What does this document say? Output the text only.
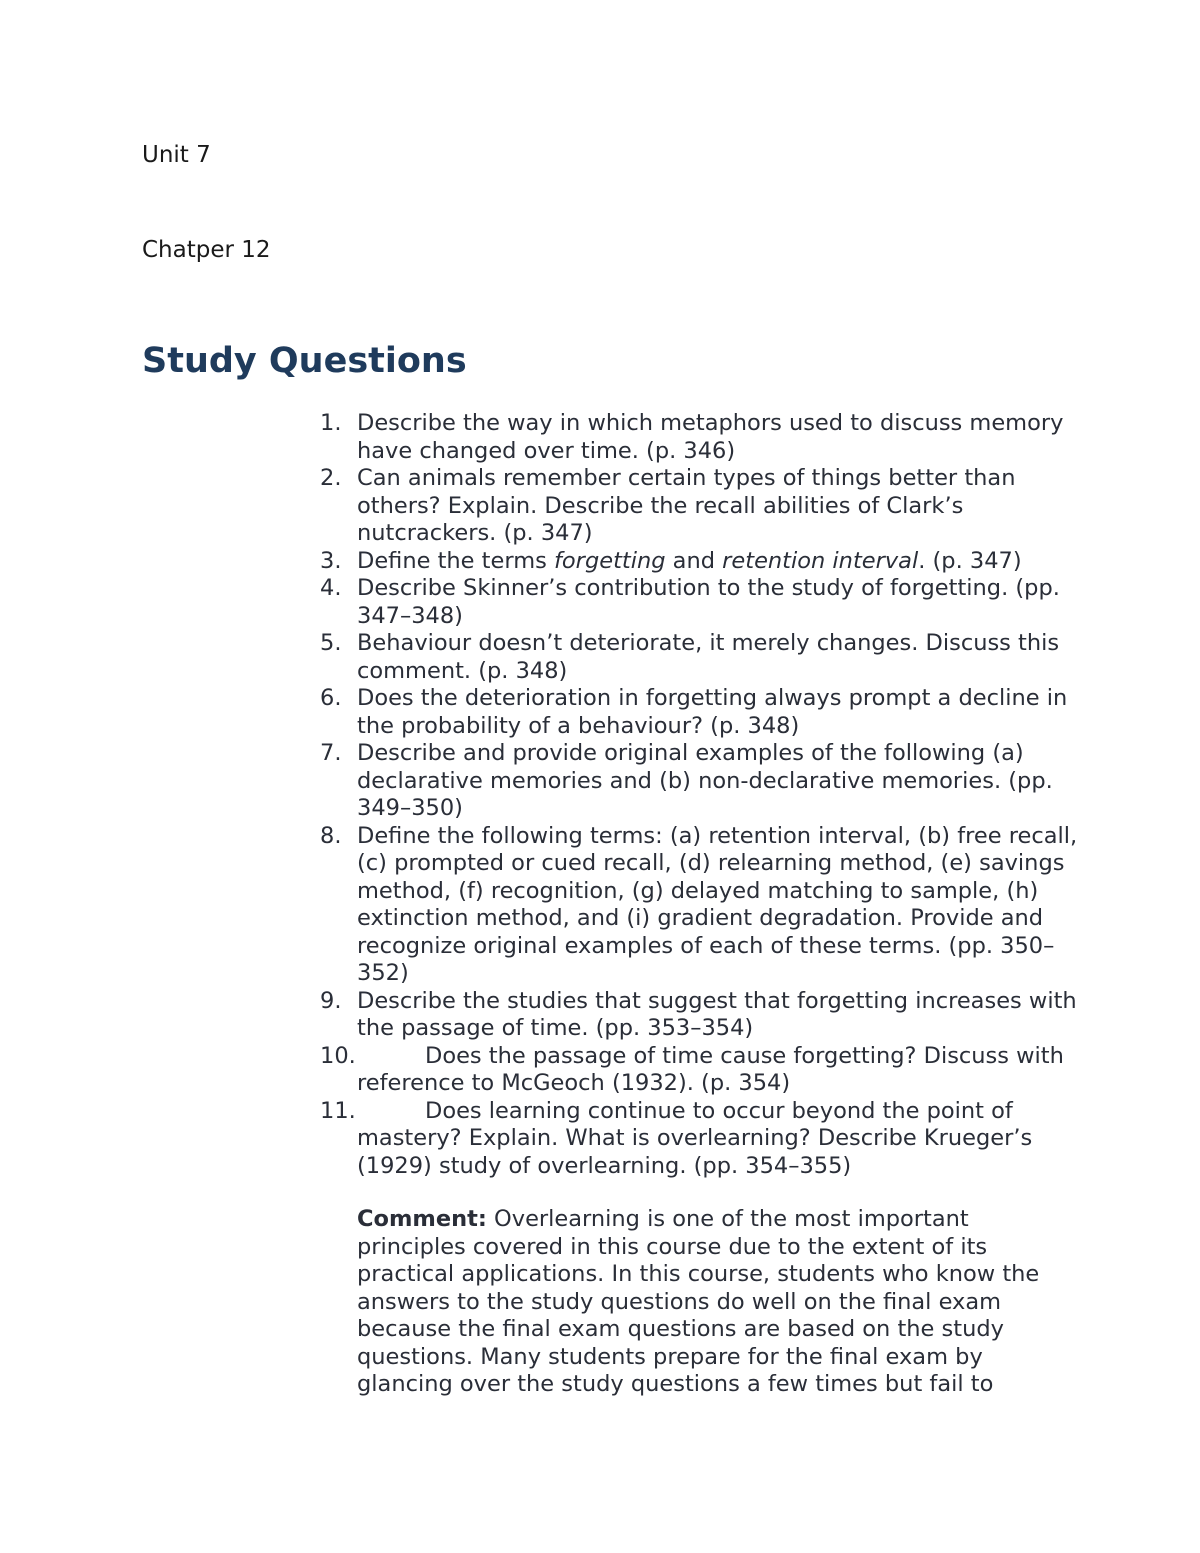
Unit 7
Chatper 12
Study Questions
1. Describe the way in which metaphors used to discuss memory have changed over time. (p. 346)
2. Can animals remember certain types of things better than others? Explain. Describe the recall abilities of Clark’s nutcrackers. (p. 347)
3. Define the terms forgetting and retention interval. (p. 347)
4. Describe Skinner’s contribution to the study of forgetting. (pp. 347–348)
5. Behaviour doesn’t deteriorate, it merely changes. Discuss this comment. (p. 348)
6. Does the deterioration in forgetting always prompt a decline in the probability of a behaviour? (p. 348)
7. Describe and provide original examples of the following (a) declarative memories and (b) non-declarative memories. (pp. 349–350)
8. Define the following terms: (a) retention interval, (b) free recall, (c) prompted or cued recall, (d) relearning method, (e) savings method, (f) recognition, (g) delayed matching to sample, (h) extinction method, and (i) gradient degradation. Provide and recognize original examples of each of these terms. (pp. 350–352)
9. Describe the studies that suggest that forgetting increases with the passage of time. (pp. 353–354)
10.	Does the passage of time cause forgetting? Discuss with reference to McGeoch (1932). (p. 354)
11.	Does learning continue to occur beyond the point of mastery? Explain. What is overlearning? Describe Krueger’s (1929) study of overlearning. (pp. 354–355)

Comment: Overlearning is one of the most important principles covered in this course due to the extent of its practical applications. In this course, students who know the answers to the study questions do well on the final exam because the final exam questions are based on the study questions. Many students prepare for the final exam by glancing over the study questions a few times but fail to
